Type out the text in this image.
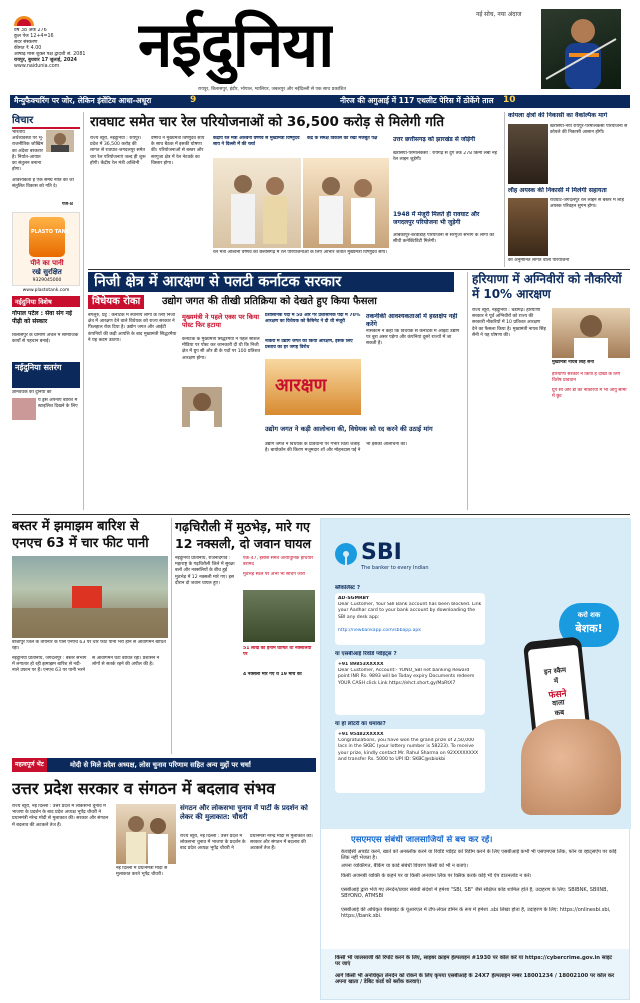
वर्ष 38 अंक 276
कुल पेज 12+4=16
सदर संस्करण
कीमत ₹ 4.00
आषाढ़ मास शुक्ल पक्ष द्वादशी सं. 2081
रायपुर, बुधवार 17 जुलाई, 2024
www.naidunia.com	नईदुनिया	नई सोच, नया अंदाज
रायपुर, बिलासपुर, इंदौर, भोपाल, ग्वालियर, जबलपुर और नईदिल्ली से एक साथ प्रकाशित
मैन्युफैक्चरिंग पर जोर, लेकिन इंसेंटिव आधा-अधूरा	9	नीरज की अगुआई में 117 एथलीट पेरिस में ठोकेंगे ताल	10
विचार
भारतीय अर्थव्यवस्था पर भू-राजनीतिक जोखिम का अंदेशा बरकरार है। निर्यात-आयात का संतुलन बनाना होगा।
आवश्यकता है एक समग्र नीति की जो संतुलित विकास को गति दे।
पेज-8
PLASTO TANK
पीने का पानी
रखे सुरक्षित
9329045000
www.plastotank.com
नईदुनिया विशेष
गोपाल पटेल : सेवा संग नई पीढ़ी को संस्कार
बिलासपुर के ग्रामीण अंचल में सामाजिक कार्यों से पहचान बनाई।
नईदुनिया सतरंग
ज्ञानवर्धक की दुनिया का
ये ड्रेस अपनाएं बारिश में स्टाइलिश दिखने के लिए
रावघाट समेत चार रेल परियोजनाओं को 36,500 करोड़ से मिलेगी गति
राज्य ब्यूरो, नईदुनिया : रायपुर। प्रदेश में 36,500 करोड़ की लागत से रावघाट-जगदलपुर समेत चार रेल परियोजनाएं जल्द ही शुरू होंगी। केंद्रीय रेल मंत्री अश्विनी वैष्णव ने मुख्यमंत्री विष्णुदेव साय के साथ बैठक में इसकी घोषणा की। परियोजनाओं से बस्तर और सरगुजा क्षेत्र में रेल नेटवर्क का विस्तार होगा।
केंद्रीय रेल मंत्री अश्विनी वैष्णव से मुख्यमंत्री विष्णुदेव साय ने दिल्ली में की चर्चा
केंद्र के समक्ष विकास को रखा मजबूत पक्ष
रेल मंत्री अश्विनी वैष्णव को छत्तीसगढ़ में रेल परियोजनाओं के लिए आभार जताते मुख्यमंत्री विष्णुदेव साय।
उत्तर छत्तीसगढ़ को झारखंड से जोड़ेगी
खरसिया-परमालकसा : रायगढ़ से दुर्ग तक 278 किमी लंबी नई रेल लाइन जुड़ेगी।
1948 में मंजूरी मिलते ही रावघाट और जगदलपुर परियोजना भी जुड़ेगी
अंबिकापुर-बरवाडीह परियोजना से सरगुजा संभाग के लोगों को सीधी कनेक्टिविटी मिलेगी।
कोयला क्षेत्रों की निकासी का वैकल्पिक मार्ग
खरसिया-नया रायपुर-परमालकसा परियोजना से कोयले की निकासी आसान होगी।
लौह अयस्क की निकासी में मिलेगी सहायता
रावघाट-जगदलपुर रेल लाइन से बस्तर में लौह अयस्क परिवहन सुगम होगा।
की अनुमानित लागत वाली परियोजना
निजी क्षेत्र में आरक्षण से पलटी कर्नाटक सरकार
विधेयक रोका	उद्योग जगत की तीखी प्रतिक्रिया को देखते हुए किया फैसला
बेंगलुरु, प्रेट्र : कर्नाटक में स्थानीय लोगों के लिए निजी क्षेत्र में आरक्षण देने वाले विधेयक को राज्य सरकार ने फिलहाल रोक दिया है। उद्योग जगत और आईटी कंपनियों की कड़ी आपत्ति के बाद मुख्यमंत्री सिद्धरमैया ने यह कदम उठाया।
मुख्यमंत्री ने पहले एक्स पर किया पोस्ट फिर हटाया
कर्नाटक के मुख्यमंत्री सिद्धरमैया ने पहले सोशल मीडिया पर पोस्ट कर जानकारी दी थी कि निजी क्षेत्र में ग्रुप सी और डी के पदों पर 100 प्रतिशत आरक्षण होगा।
प्रशासनिक पदों में 50 और गैर प्रशासनिक पदों में 70% आरक्षण का विधेयक को कैबिनेट ने दी थी मंजूरी
नौकरी में उद्योग जगत को किया आरक्षण, इसके लिए प्रस्ताव का हर जगह विरोध
आरक्षण
तकनीकी आवश्यकताओं में हस्तक्षेप नहीं करेंगे
नासकॉम ने कहा कि विधेयक से कर्नाटक में आईटी उद्योग पर बुरा असर पड़ेगा और कंपनियां दूसरे राज्यों में जा सकती हैं।
उद्योग जगत ने कड़ी आलोचना की, विधेयक को रद करने की उठाई मांग
उद्योग जगत ने विधेयक के प्रावधानों पर गंभीर चिंता जताई है। बायोकॉन की किरण मजूमदार शॉ और मोहनदास पई ने भी इसकी आलोचना की।
हरियाणा में अग्निवीरों को नौकरियों में 10% आरक्षण
राज्य ब्यूरो, नईदुनिया : चंडीगढ़। हरियाणा सरकार ने पूर्व अग्निवीरों को राज्य की सरकारी नौकरियों में 10 प्रतिशत आरक्षण देने का फैसला किया है। मुख्यमंत्री नायब सिंह सैनी ने यह घोषणा की।
मुख्यमंत्री नायब सिंह सैनी
हरियाणा सरकार ने किया है दाखा के लिए विशेष प्रावधान
ग्रुप सी और डी की नौकरियों में भी आयु सीमा में छूट
बस्तर में झमाझम बारिश से एनएच 63 में चार फीट पानी
बीजापुर जिले के तोयनार के पास एनएच 63 पर चार फीट पानी भरा होने से आवागमन बाधित रहा।
नईदुनिया प्रतिनिधि, जगदलपुर : बस्तर संभाग में लगातार हो रही झमाझम बारिश से नदी-नाले उफान पर हैं। एनएच 63 पर पानी भरने से आवागमन घंटों बाधित रहा। प्रशासन ने लोगों से सतर्क रहने की अपील की है।
गढ़चिरौली में मुठभेड़, मारे गए 12 नक्सली, दो जवान घायल
नईदुनिया प्रतिनिधि, राजनांदगांव : महाराष्ट्र के गढ़चिरौली जिले में सुरक्षा बलों और नक्सलियों के बीच हुई मुठभेड़ में 12 नक्सली मारे गए। इस दौरान दो जवान घायल हुए।
एके-47, इंसास समेत अत्याधुनिक हथियार बरामद
मुठभेड़ स्थल पर अभी भी सर्चिंग जारी
51 लाख का इनाम घोषित था नक्सलियों पर
4 नक्सली मारे गए थे 19 मार्च को
SBI
The banker to every Indian
ब्लैकलिस्ट ?
AD-SGMRBY
Dear Customer, Your SBI Bank account has been blocked. Link your Aadhar card to your bank account by downloading the SBI any desk app:
http://newbankapp.com/sbbapp.apk
या एसबीआई रिवॉर्ड प्वॉइंट्स ?
+91 89853XXXXX
Dear Customer, Account:- YONO_SBI net banking Reward point INR Rs. 9893 will be Today expiry Documents redeem YOUR CASH click Link https://ehct.short.gy/MaRtX7
या हो लॉटरी का धमाका?
+91 95482XXXXX
Congratulations, you have won the grand prize of 2,50,000 lacs in the SKBC (your lottery number is 58223). To receive your prize, kindly contact Mr. Rahul Sharma on 92XXXXXXXX and transfer Rs. 5000 to UPI ID: SKBC@sbiokbi
करो शक
बेशक!
इन स्कैम
में
फंसने
वाला
कब
एसएमएस संबंधी जालसाजियों से बच कर रहें।
केवाईसी अपडेट करने, खाते को अनब्लॉक करने या रिवॉर्ड प्वॉइंट को रिडीम करने के लिए एसबीआई कभी भी एसएमएस लिंक, फोन या व्हाट्सऐप पर कोई लिंक नहीं भेजता है।
अपना व्यक्तिगत, बैंकिंग या कार्ड संबंधी विवरण किसी को भी न बताएं।
किसी अजनबी व्यक्ति के कहने पर या किसी अनजान लिंक पर क्लिक करके कोई भी ऐप डाउनलोड न करें।
एसबीआई द्वारा भेजे गए लेनदेन/प्रचार संबंधी संदेशों में हमेशा "SBI, SB" जैसे संक्षिप्त कोड शामिल होते हैं, उदाहरण के लिए: SBIBNK, SBIINB, SBYONO, ATMSBI
एसबीआई की अधिकृत वेबसाइट के यूआरएल में टॉप-लेवल डोमेन के रूप में हमेशा .sbi लिखा होता है, उदाहरण के लिए: https://onlinesbi.sbi, https://bank.sbi.
किसी भी जालसाजी की रिपोर्ट करने के लिए, साइबर क्राइम हेल्पलाइन #1930 पर कॉल करें या https://cybercrime.gov.in साइट पर जाएं
आगे किसी भी अनधिकृत लेनदेन को रोकने के लिए कृपया एसबीआई के 24X7 हेल्पलाइन नम्बर 18001234 / 18002100 पर कॉल कर अपना खाता / डेबिट कार्ड को ब्लॉक करवाएं।
महत्वपूर्ण भेंट	मोदी से मिले प्रदेश अध्यक्ष, लोस चुनाव परिणाम सहित अन्य मुद्दों पर चर्चा
उत्तर प्रदेश सरकार व संगठन में बदलाव संभव
राज्य ब्यूरो, नई दिल्ली : उत्तर प्रदेश में लोकसभा चुनाव में भाजपा के प्रदर्शन के बाद प्रदेश अध्यक्ष भूपेंद्र चौधरी ने प्रधानमंत्री नरेन्द्र मोदी से मुलाकात की। सरकार और संगठन में बदलाव की अटकलें तेज हैं।
संगठन और लोकसभा चुनाव में पार्टी के प्रदर्शन को लेकर की मुलाकात: चौधरी
नई दिल्ली में प्रधानमंत्री मोदी से मुलाकात करते भूपेंद्र चौधरी।
राज्य ब्यूरो, नई दिल्ली : उत्तर प्रदेश में लोकसभा चुनाव में भाजपा के प्रदर्शन के बाद प्रदेश अध्यक्ष भूपेंद्र चौधरी ने प्रधानमंत्री नरेन्द्र मोदी से मुलाकात की। सरकार और संगठन में बदलाव की अटकलें तेज हैं।
